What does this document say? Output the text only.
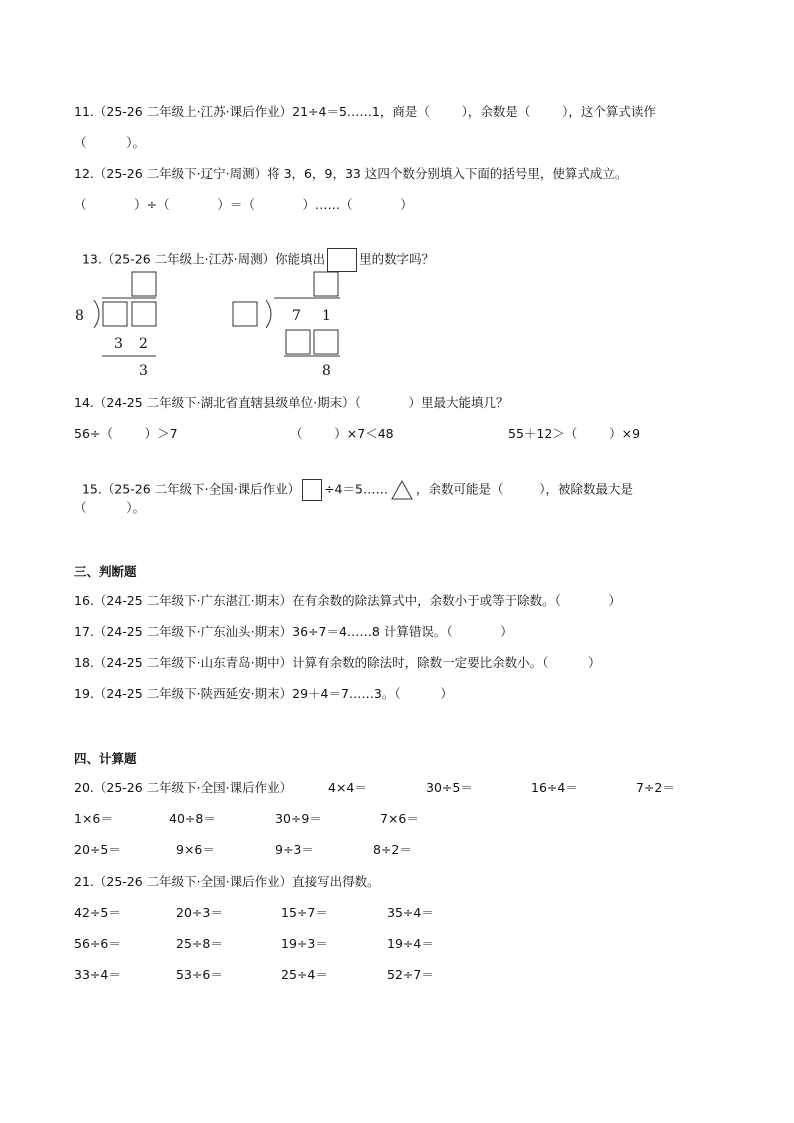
11.（25-26 二年级上·江苏·课后作业）21÷4＝5……1，商是（        ），余数是（        ），这个算式读作
（          ）。
12.（25-26 二年级下·辽宁·周测）将 3，6，9，33 这四个数分别填入下面的括号里，使算式成立。
（            ）÷（            ）＝（            ）……（            ）

13.（25-26 二年级上·江苏·周测）你能填出	里的数字吗？

8
3 2
3
7 1
8
14.（24-25 二年级下·湖北省直辖县级单位·期末）（            ）里最大能填几？
56÷（        ）＞7	（        ）×7＜48	55＋12＞（        ）×9

15.（25-26 二年级下·全国·课后作业） ÷4＝5…… ，余数可能是（         ），被除数最大是

（          ）。
三、判断题
16.（24-25 二年级下·广东湛江·期末）在有余数的除法算式中，余数小于或等于除数。（            ）
17.（24-25 二年级下·广东汕头·期末）36÷7＝4……8 计算错误。（            ）
18.（24-25 二年级下·山东青岛·期中）计算有余数的除法时，除数一定要比余数小。（          ）
19.（24-25 二年级下·陕西延安·期末）29＋4＝7……3。（          ）
四、计算题
20.（25-26 二年级下·全国·课后作业）	4×4＝	30÷5＝	16÷4＝	7÷2＝
1×6＝	40÷8＝	30÷9＝	7×6＝
20÷5＝	9×6＝	9÷3＝	8÷2＝
21.（25-26 二年级下·全国·课后作业）直接写出得数。
42÷5＝	20÷3＝	15÷7＝	35÷4＝
56÷6＝	25÷8＝	19÷3＝	19÷4＝
33÷4＝	53÷6＝	25÷4＝	52÷7＝
